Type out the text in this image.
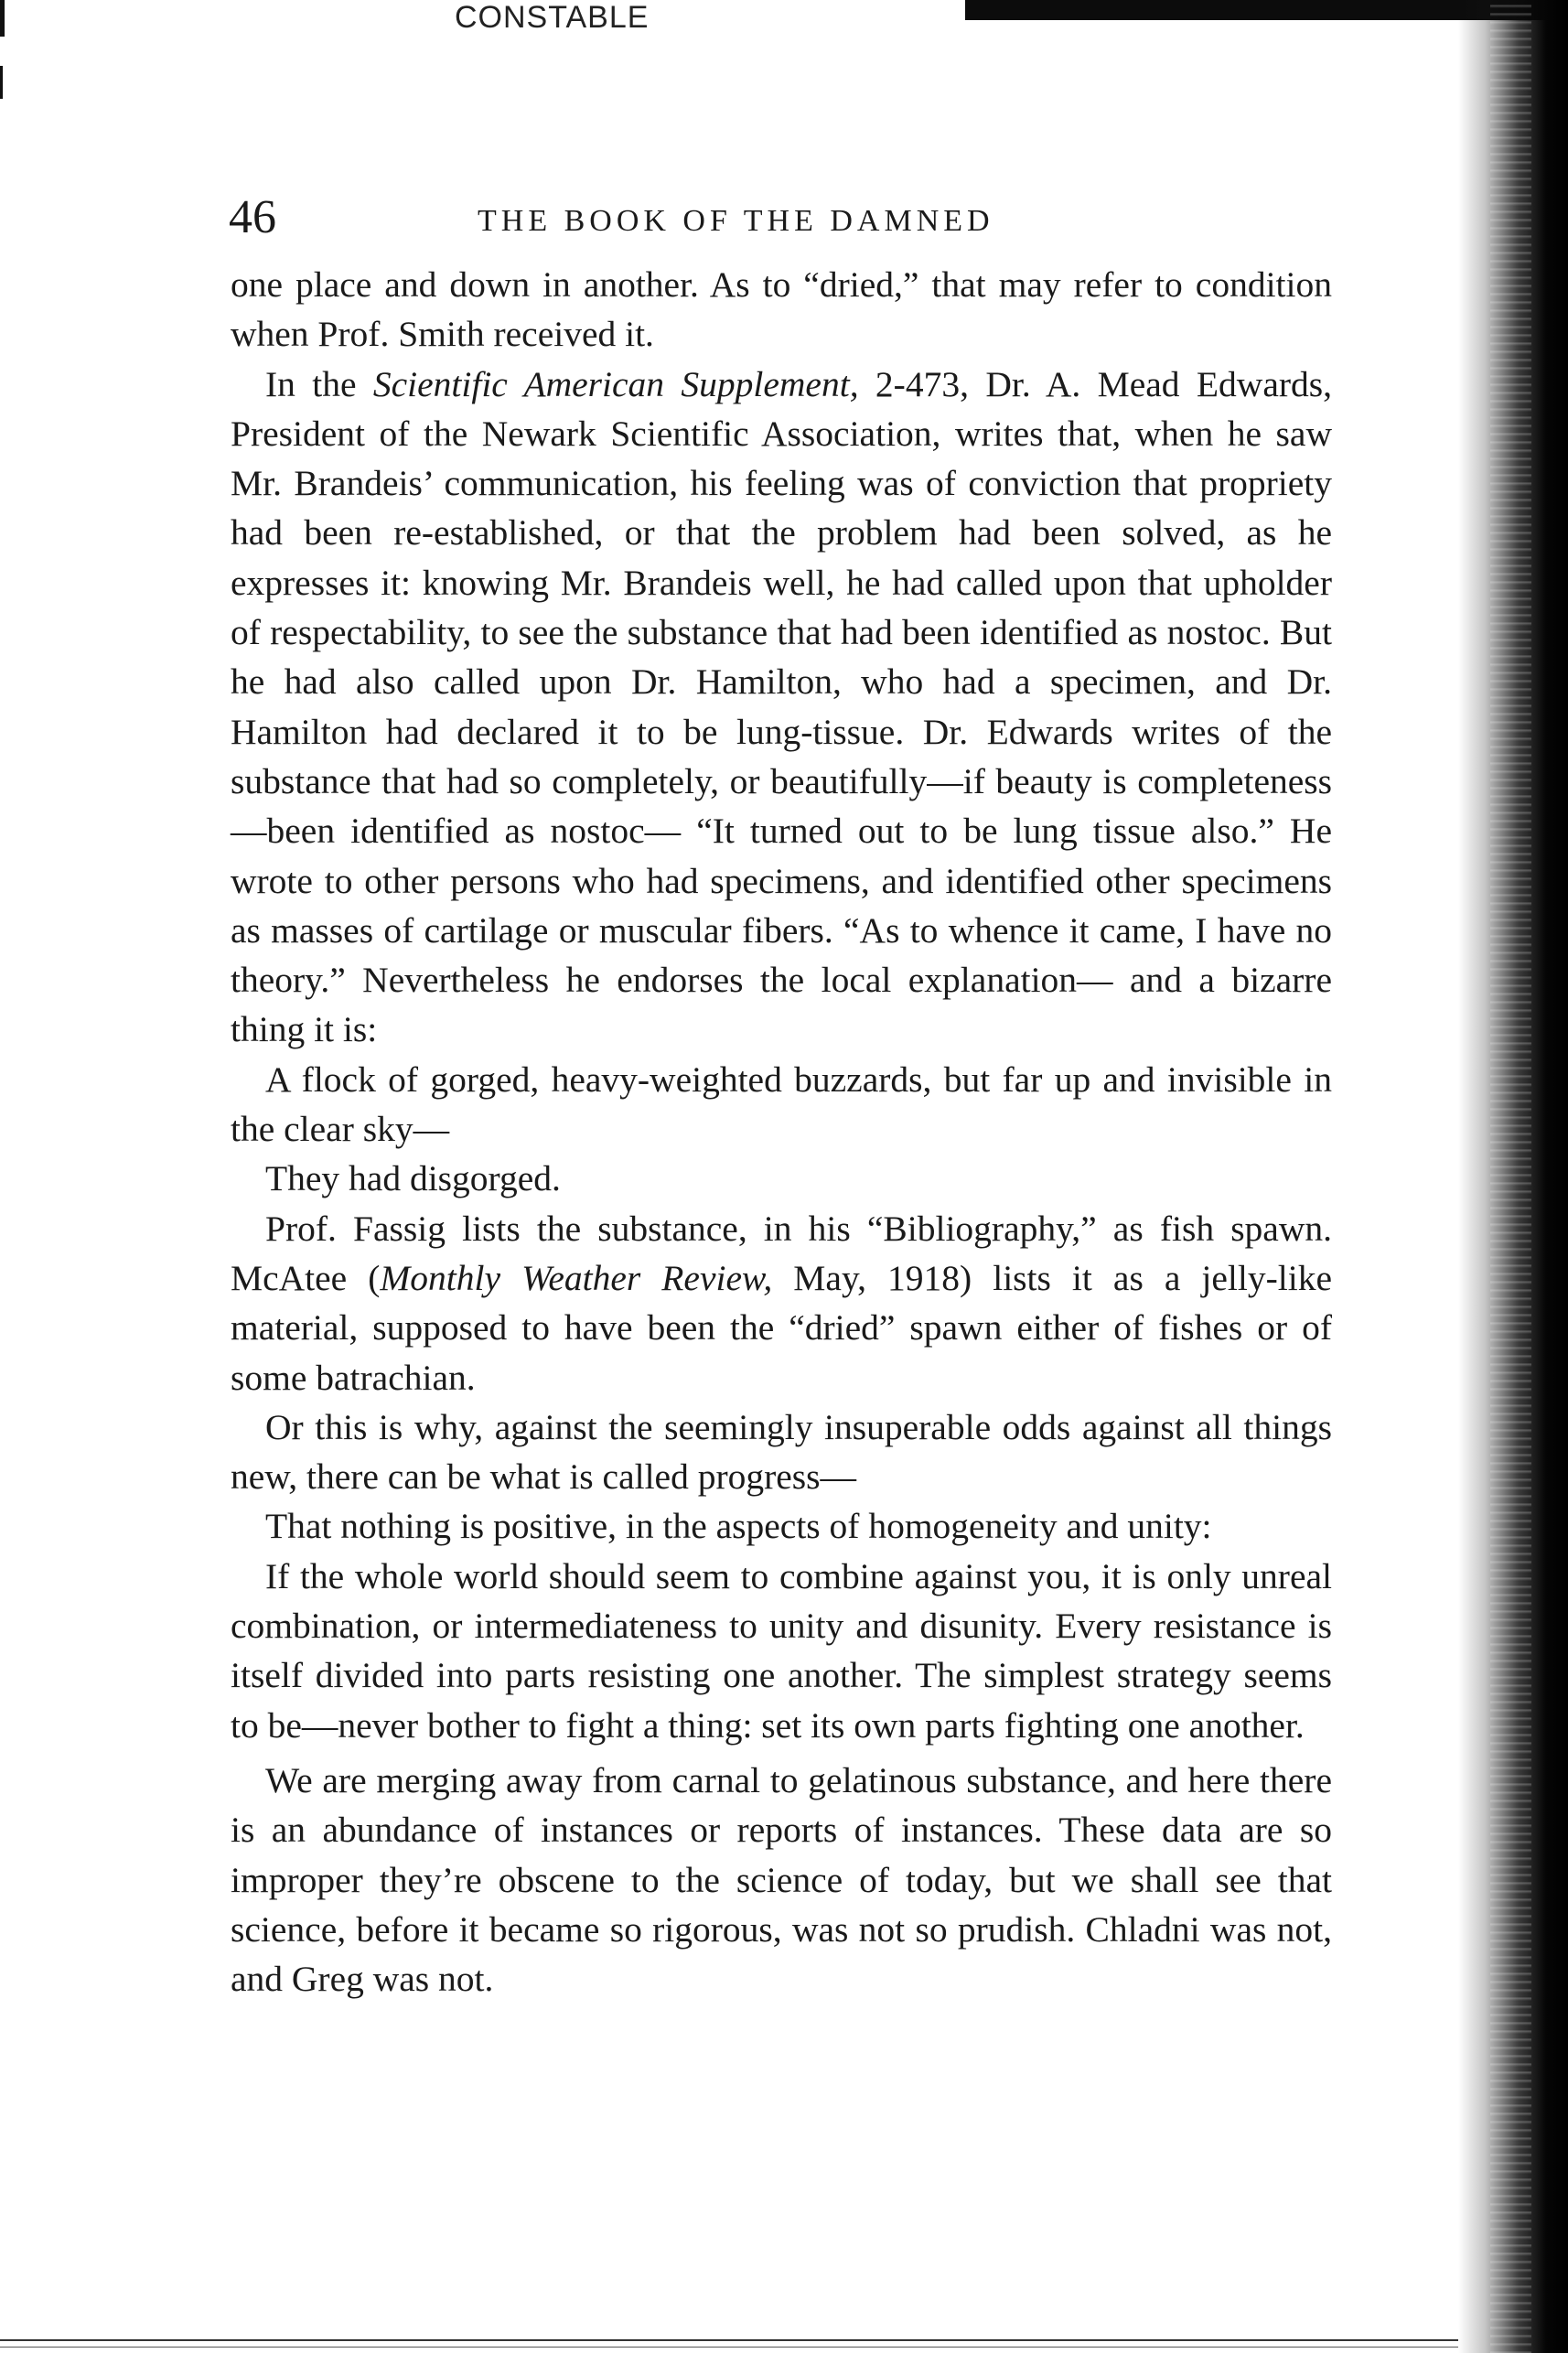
CONSTABLE
46	THE BOOK OF THE DAMNED

one place and down in another. As to “dried,” that may refer to condition when Prof. Smith received it.

In the Scientific American Supplement, 2-473, Dr. A. Mead Edwards, President of the Newark Scientific Association, writes that, when he saw Mr. Brandeis’ communication, his feeling was of conviction that propriety had been re-established, or that the problem had been solved, as he expresses it: knowing Mr. Brandeis well, he had called upon that upholder of respectability, to see the substance that had been identified as nostoc. But he had also called upon Dr. Hamilton, who had a specimen, and Dr. Hamilton had declared it to be lung-tissue. Dr. Edwards writes of the substance that had so completely, or beautifully—if beauty is completeness—been identified as nostoc— “It turned out to be lung tissue also.” He wrote to other persons who had specimens, and identified other specimens as masses of cartilage or muscular fibers. “As to whence it came, I have no theory.” Nevertheless he endorses the local explanation— and a bizarre thing it is:

A flock of gorged, heavy-weighted buzzards, but far up and invisible in the clear sky—

They had disgorged.

Prof. Fassig lists the substance, in his “Bibliography,” as fish spawn. McAtee (Monthly Weather Review, May, 1918) lists it as a jelly-like material, supposed to have been the “dried” spawn either of fishes or of some batrachian.

Or this is why, against the seemingly insuperable odds against all things new, there can be what is called progress—

That nothing is positive, in the aspects of homogeneity and unity:

If the whole world should seem to combine against you, it is only unreal combination, or intermediateness to unity and disunity. Every resistance is itself divided into parts resisting one another. The simplest strategy seems to be—never bother to fight a thing: set its own parts fighting one another.

We are merging away from carnal to gelatinous substance, and here there is an abundance of instances or reports of instances. These data are so improper they’re obscene to the science of today, but we shall see that science, before it became so rigorous, was not so prudish. Chladni was not, and Greg was not.
